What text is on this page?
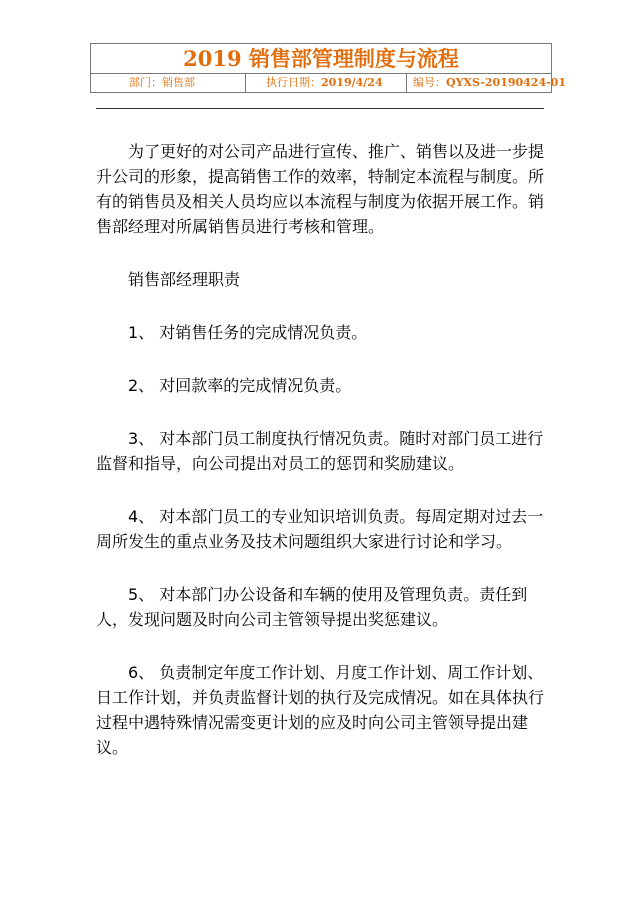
2019 销售部管理制度与流程
部门：销售部	执行日期：2019/4/24	编号：QYXS-20190424-01

为了更好的对公司产品进行宣传、推广、销售以及进一步提升公司的形象，提高销售工作的效率，特制定本流程与制度。所有的销售员及相关人员均应以本流程与制度为依据开展工作。销售部经理对所属销售员进行考核和管理。

销售部经理职责

1、 对销售任务的完成情况负责。

2、 对回款率的完成情况负责。

3、 对本部门员工制度执行情况负责。随时对部门员工进行监督和指导，向公司提出对员工的惩罚和奖励建议。

4、 对本部门员工的专业知识培训负责。每周定期对过去一周所发生的重点业务及技术问题组织大家进行讨论和学习。

5、 对本部门办公设备和车辆的使用及管理负责。责任到人，发现问题及时向公司主管领导提出奖惩建议。

6、 负责制定年度工作计划、月度工作计划、周工作计划、日工作计划，并负责监督计划的执行及完成情况。如在具体执行过程中遇特殊情况需变更计划的应及时向公司主管领导提出建议。
